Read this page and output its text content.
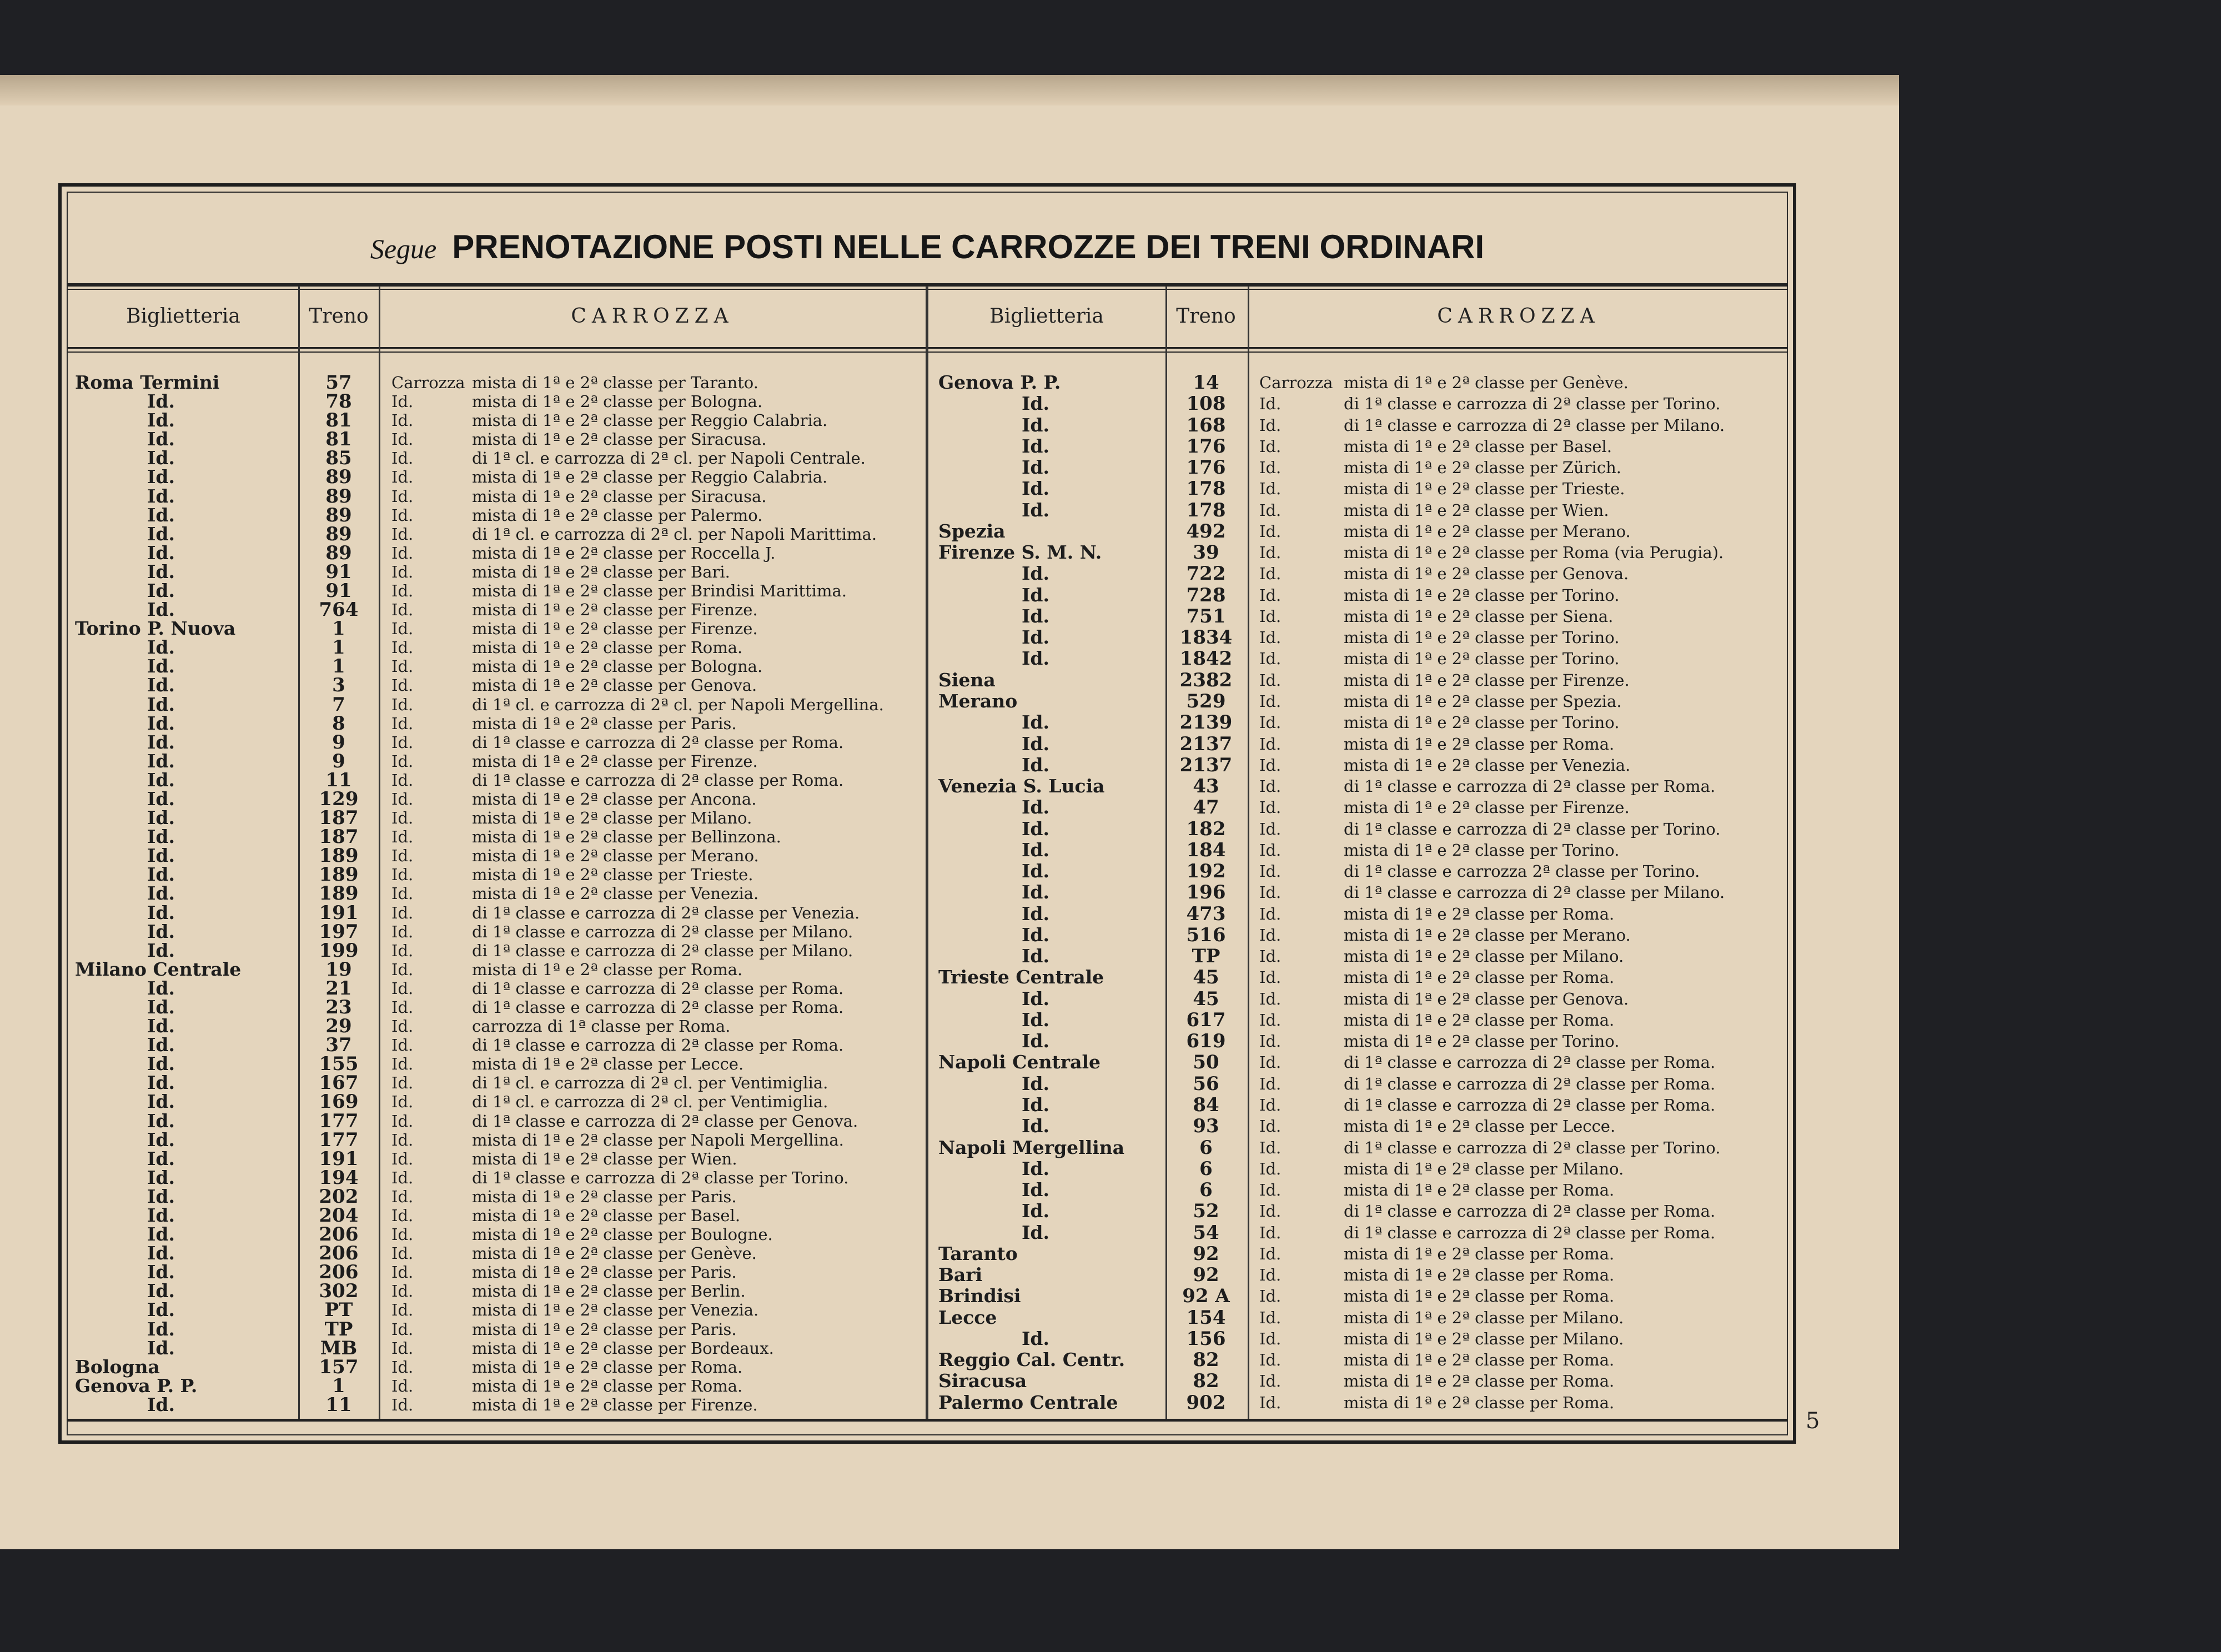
Segue PRENOTAZIONE POSTI NELLE CARROZZE DEI TRENI ORDINARI
Biglietteria	Treno	CARROZZA	Biglietteria	Treno	CARROZZA
Roma Termini	57	Carrozza mista di 1ª e 2ª classe per Taranto.
Id.	78	Id.	mista di 1ª e 2ª classe per Bologna.
Id.	81	Id.	mista di 1ª e 2ª classe per Reggio Calabria.
Id.	81	Id.	mista di 1ª e 2ª classe per Siracusa.
Id.	85	Id.	di 1ª cl. e carrozza di 2ª cl. per Napoli Centrale.
Id.	89	Id.	mista di 1ª e 2ª classe per Reggio Calabria.
Id.	89	Id.	mista di 1ª e 2ª classe per Siracusa.
Id.	89	Id.	mista di 1ª e 2ª classe per Palermo.
Id.	89	Id.	di 1ª cl. e carrozza di 2ª cl. per Napoli Marittima.
Id.	89	Id.	mista di 1ª e 2ª classe per Roccella J.
Id.	91	Id.	mista di 1ª e 2ª classe per Bari.
Id.	91	Id.	mista di 1ª e 2ª classe per Brindisi Marittima.
Id.	764	Id.	mista di 1ª e 2ª classe per Firenze.
Torino P. Nuova	1	Id.	mista di 1ª e 2ª classe per Firenze.
Id.	1	Id.	mista di 1ª e 2ª classe per Roma.
Id.	1	Id.	mista di 1ª e 2ª classe per Bologna.
Id.	3	Id.	mista di 1ª e 2ª classe per Genova.
Id.	7	Id.	di 1ª cl. e carrozza di 2ª cl. per Napoli Mergellina.
Id.	8	Id.	mista di 1ª e 2ª classe per Paris.
Id.	9	Id.	di 1ª classe e carrozza di 2ª classe per Roma.
Id.	9	Id.	mista di 1ª e 2ª classe per Firenze.
Id.	11	Id.	di 1ª classe e carrozza di 2ª classe per Roma.
Id.	129	Id.	mista di 1ª e 2ª classe per Ancona.
Id.	187	Id.	mista di 1ª e 2ª classe per Milano.
Id.	187	Id.	mista di 1ª e 2ª classe per Bellinzona.
Id.	189	Id.	mista di 1ª e 2ª classe per Merano.
Id.	189	Id.	mista di 1ª e 2ª classe per Trieste.
Id.	189	Id.	mista di 1ª e 2ª classe per Venezia.
Id.	191	Id.	di 1ª classe e carrozza di 2ª classe per Venezia.
Id.	197	Id.	di 1ª classe e carrozza di 2ª classe per Milano.
Id.	199	Id.	di 1ª classe e carrozza di 2ª classe per Milano.
Milano Centrale	19	Id.	mista di 1ª e 2ª classe per Roma.
Id.	21	Id.	di 1ª classe e carrozza di 2ª classe per Roma.
Id.	23	Id.	di 1ª classe e carrozza di 2ª classe per Roma.
Id.	29	Id.	carrozza di 1ª classe per Roma.
Id.	37	Id.	di 1ª classe e carrozza di 2ª classe per Roma.
Id.	155	Id.	mista di 1ª e 2ª classe per Lecce.
Id.	167	Id.	di 1ª cl. e carrozza di 2ª cl. per Ventimiglia.
Id.	169	Id.	di 1ª cl. e carrozza di 2ª cl. per Ventimiglia.
Id.	177	Id.	di 1ª classe e carrozza di 2ª classe per Genova.
Id.	177	Id.	mista di 1ª e 2ª classe per Napoli Mergellina.
Id.	191	Id.	mista di 1ª e 2ª classe per Wien.
Id.	194	Id.	di 1ª classe e carrozza di 2ª classe per Torino.
Id.	202	Id.	mista di 1ª e 2ª classe per Paris.
Id.	204	Id.	mista di 1ª e 2ª classe per Basel.
Id.	206	Id.	mista di 1ª e 2ª classe per Boulogne.
Id.	206	Id.	mista di 1ª e 2ª classe per Genève.
Id.	206	Id.	mista di 1ª e 2ª classe per Paris.
Id.	302	Id.	mista di 1ª e 2ª classe per Berlin.
Id.	PT	Id.	mista di 1ª e 2ª classe per Venezia.
Id.	TP	Id.	mista di 1ª e 2ª classe per Paris.
Id.	MB	Id.	mista di 1ª e 2ª classe per Bordeaux.
Bologna	157	Id.	mista di 1ª e 2ª classe per Roma.
Genova P. P.	1	Id.	mista di 1ª e 2ª classe per Roma.
Id.	11	Id.	mista di 1ª e 2ª classe per Firenze.
Genova P. P.	14	Carrozza mista di 1ª e 2ª classe per Genève.
Id.	108	Id.	di 1ª classe e carrozza di 2ª classe per Torino.
Id.	168	Id.	di 1ª classe e carrozza di 2ª classe per Milano.
Id.	176	Id.	mista di 1ª e 2ª classe per Basel.
Id.	176	Id.	mista di 1ª e 2ª classe per Zürich.
Id.	178	Id.	mista di 1ª e 2ª classe per Trieste.
Id.	178	Id.	mista di 1ª e 2ª classe per Wien.
Spezia	492	Id.	mista di 1ª e 2ª classe per Merano.
Firenze S. M. N.	39	Id.	mista di 1ª e 2ª classe per Roma (via Perugia).
Id.	722	Id.	mista di 1ª e 2ª classe per Genova.
Id.	728	Id.	mista di 1ª e 2ª classe per Torino.
Id.	751	Id.	mista di 1ª e 2ª classe per Siena.
Id.	1834 Id.	mista di 1ª e 2ª classe per Torino.
Id.	1842 Id.	mista di 1ª e 2ª classe per Torino.
Siena	2382 Id.	mista di 1ª e 2ª classe per Firenze.
Merano	529	Id.	mista di 1ª e 2ª classe per Spezia.
Id.	2139 Id.	mista di 1ª e 2ª classe per Torino.
Id.	2137 Id.	mista di 1ª e 2ª classe per Roma.
Id.	2137 Id.	mista di 1ª e 2ª classe per Venezia.
Venezia S. Lucia	43	Id.	di 1ª classe e carrozza di 2ª classe per Roma.
Id.	47	Id.	mista di 1ª e 2ª classe per Firenze.
Id.	182	Id.	di 1ª classe e carrozza di 2ª classe per Torino.
Id.	184	Id.	mista di 1ª e 2ª classe per Torino.
Id.	192	Id.	di 1ª classe e carrozza 2ª classe per Torino.
Id.	196	Id.	di 1ª classe e carrozza di 2ª classe per Milano.
Id.	473	Id.	mista di 1ª e 2ª classe per Roma.
Id.	516	Id.	mista di 1ª e 2ª classe per Merano.
Id.	TP	Id.	mista di 1ª e 2ª classe per Milano.
Trieste Centrale	45	Id.	mista di 1ª e 2ª classe per Roma.
Id.	45	Id.	mista di 1ª e 2ª classe per Genova.
Id.	617	Id.	mista di 1ª e 2ª classe per Roma.
Id.	619	Id.	mista di 1ª e 2ª classe per Torino.
Napoli Centrale	50	Id.	di 1ª classe e carrozza di 2ª classe per Roma.
Id.	56	Id.	di 1ª classe e carrozza di 2ª classe per Roma.
Id.	84	Id.	di 1ª classe e carrozza di 2ª classe per Roma.
Id.	93	Id.	mista di 1ª e 2ª classe per Lecce.
Napoli Mergellina	6	Id.	di 1ª classe e carrozza di 2ª classe per Torino.
Id.	6	Id.	mista di 1ª e 2ª classe per Milano.
Id.	6	Id.	mista di 1ª e 2ª classe per Roma.
Id.	52	Id.	di 1ª classe e carrozza di 2ª classe per Roma.
Id.	54	Id.	di 1ª classe e carrozza di 2ª classe per Roma.
Taranto	92	Id.	mista di 1ª e 2ª classe per Roma.
Bari	92	Id.	mista di 1ª e 2ª classe per Roma.
Brindisi	92 A	Id.	mista di 1ª e 2ª classe per Roma.
Lecce	154	Id.	mista di 1ª e 2ª classe per Milano.
Id.	156	Id.	mista di 1ª e 2ª classe per Milano.
Reggio Cal. Centr.	82	Id.	mista di 1ª e 2ª classe per Roma.
Siracusa	82	Id.	mista di 1ª e 2ª classe per Roma.
Palermo Centrale	902	Id.	mista di 1ª e 2ª classe per Roma.
5
